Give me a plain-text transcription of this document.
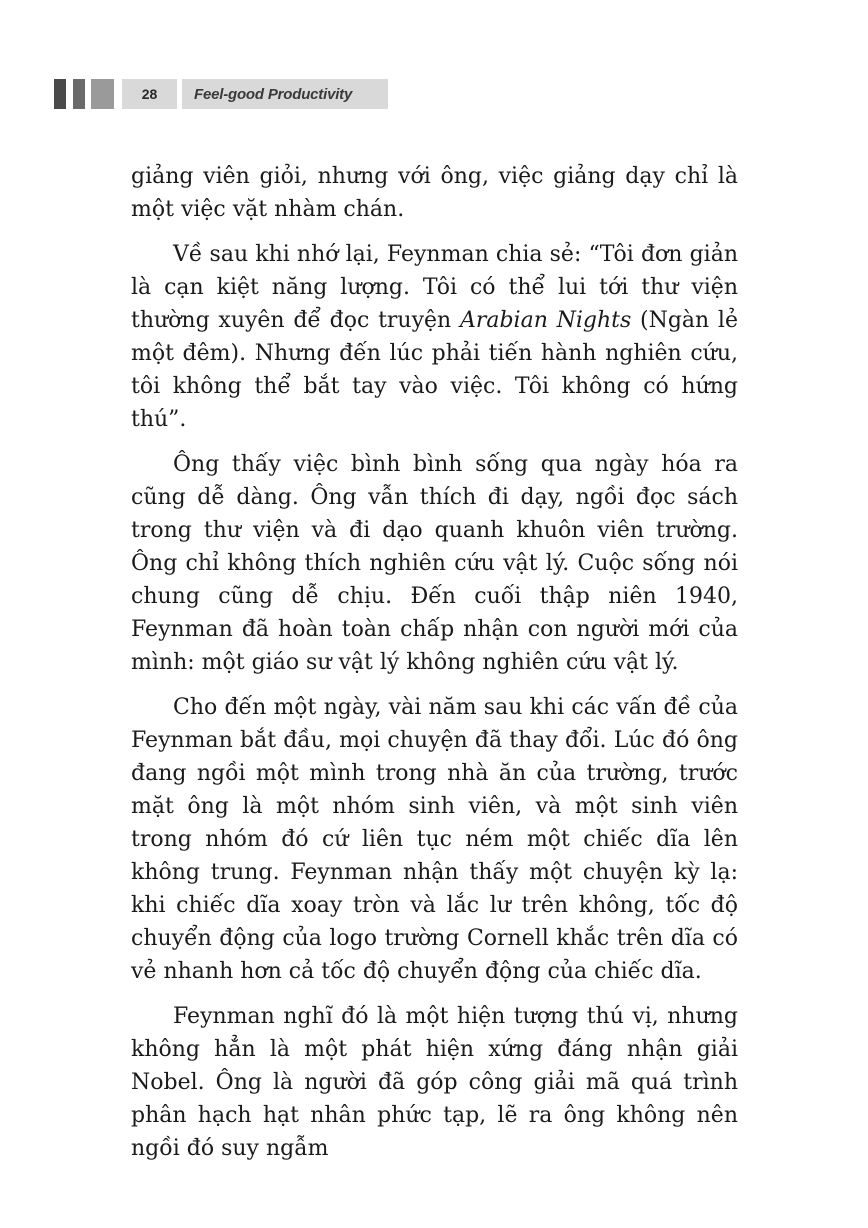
28	Feel-good Productivity

giảng viên giỏi, nhưng với ông, việc giảng dạy chỉ là một việc vặt nhàm chán.

Về sau khi nhớ lại, Feynman chia sẻ: “Tôi đơn giản là cạn kiệt năng lượng. Tôi có thể lui tới thư viện thường xuyên để đọc truyện Arabian Nights (Ngàn lẻ một đêm). Nhưng đến lúc phải tiến hành nghiên cứu, tôi không thể bắt tay vào việc. Tôi không có hứng thú”.

Ông thấy việc bình bình sống qua ngày hóa ra cũng dễ dàng. Ông vẫn thích đi dạy, ngồi đọc sách trong thư viện và đi dạo quanh khuôn viên trường. Ông chỉ không thích nghiên cứu vật lý. Cuộc sống nói chung cũng dễ chịu. Đến cuối thập niên 1940, Feynman đã hoàn toàn chấp nhận con người mới của mình: một giáo sư vật lý không nghiên cứu vật lý.

Cho đến một ngày, vài năm sau khi các vấn đề của Feynman bắt đầu, mọi chuyện đã thay đổi. Lúc đó ông đang ngồi một mình trong nhà ăn của trường, trước mặt ông là một nhóm sinh viên, và một sinh viên trong nhóm đó cứ liên tục ném một chiếc dĩa lên không trung. Feynman nhận thấy một chuyện kỳ lạ: khi chiếc dĩa xoay tròn và lắc lư trên không, tốc độ chuyển động của logo trường Cornell khắc trên dĩa có vẻ nhanh hơn cả tốc độ chuyển động của chiếc dĩa.

Feynman nghĩ đó là một hiện tượng thú vị, nhưng không hẳn là một phát hiện xứng đáng nhận giải Nobel. Ông là người đã góp công giải mã quá trình phân hạch hạt nhân phức tạp, lẽ ra ông không nên ngồi đó suy ngẫm
